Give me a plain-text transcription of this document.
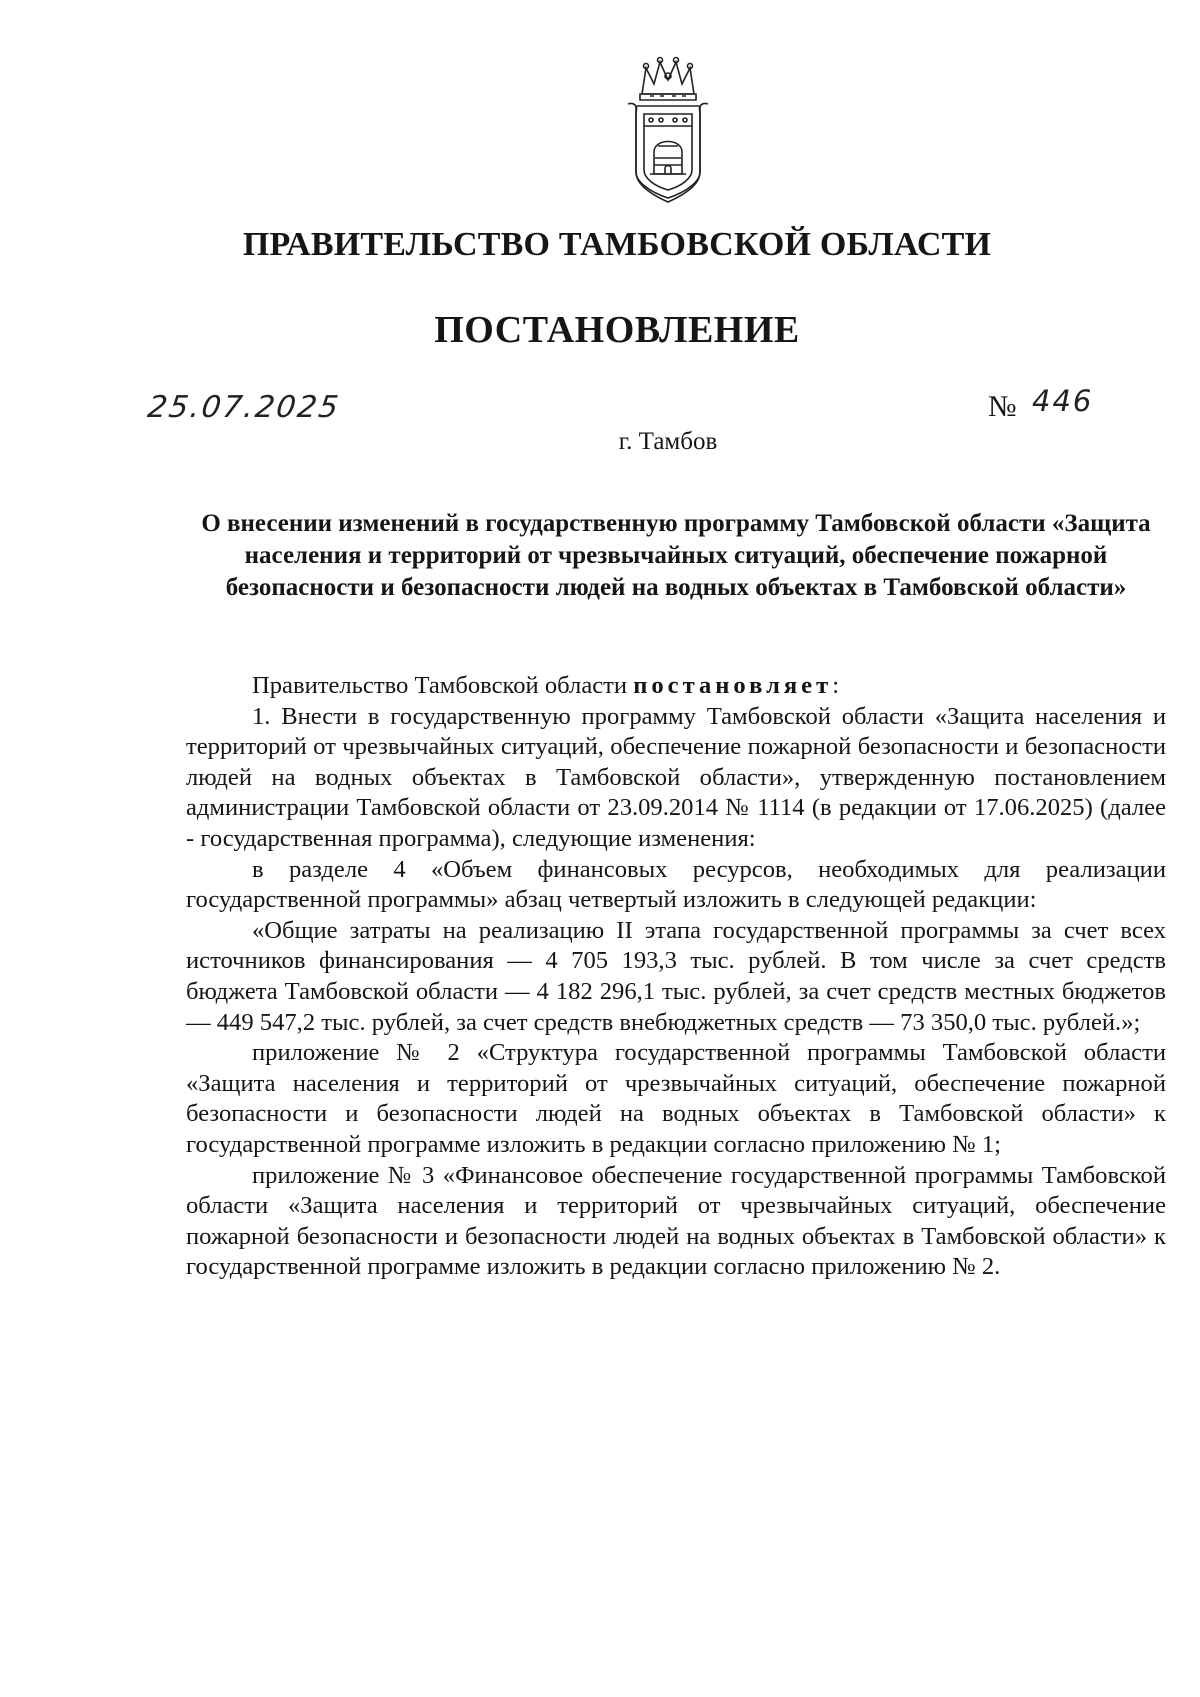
ПРАВИТЕЛЬСТВО ТАМБОВСКОЙ ОБЛАСТИ
ПОСТАНОВЛЕНИЕ
25.07.2025	№ 446
г. Тамбов
О внесении изменений в государственную программу Тамбовской области «Защита населения и территорий от чрезвычайных ситуаций, обеспечение пожарной безопасности и безопасности людей на водных объектах в Тамбовской области»

Правительство Тамбовской области постановляет:

1. Внести в государственную программу Тамбовской области «Защита населения и территорий от чрезвычайных ситуаций, обеспечение пожарной безопасности и безопасности людей на водных объектах в Тамбовской области», утвержденную постановлением администрации Тамбовской области от 23.09.2014 № 1114 (в редакции от 17.06.2025) (далее - государственная программа), следующие изменения:

в разделе 4 «Объем финансовых ресурсов, необходимых для реализации государственной программы» абзац четвертый изложить в следующей редакции:

«Общие затраты на реализацию II этапа государственной программы за счет всех источников финансирования — 4 705 193,3 тыс. рублей. В том числе за счет средств бюджета Тамбовской области — 4 182 296,1 тыс. рублей, за счет средств местных бюджетов — 449 547,2 тыс. рублей, за счет средств внебюджетных средств — 73 350,0 тыс. рублей.»;

приложение № 2 «Структура государственной программы Тамбовской области «Защита населения и территорий от чрезвычайных ситуаций, обеспечение пожарной безопасности и безопасности людей на водных объектах в Тамбовской области» к государственной программе изложить в редакции согласно приложению № 1;

приложение № 3 «Финансовое обеспечение государственной программы Тамбовской области «Защита населения и территорий от чрезвычайных ситуаций, обеспечение пожарной безопасности и безопасности людей на водных объектах в Тамбовской области» к государственной программе изложить в редакции согласно приложению № 2.
